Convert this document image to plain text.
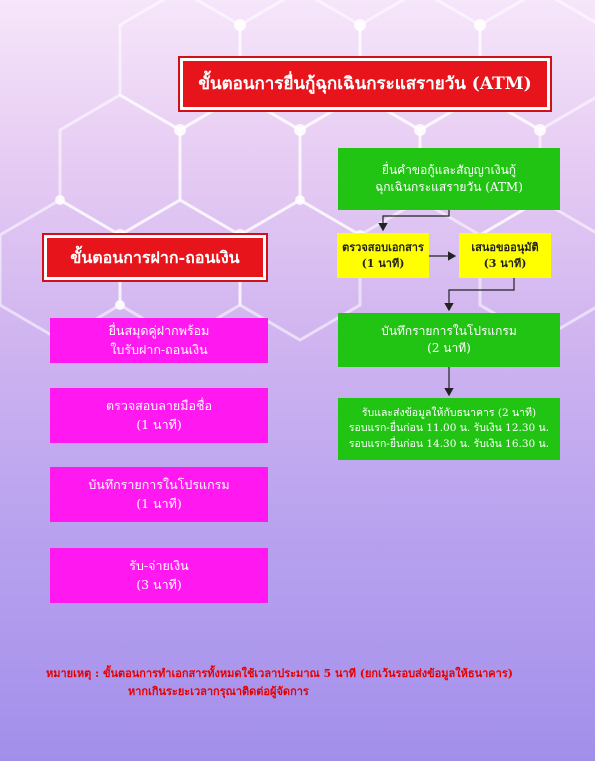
ขั้นตอนการยื่นกู้ฉุกเฉินกระแสรายวัน (ATM)
ยื่นคำขอกู้และสัญญาเงินกู้
ฉุกเฉินกระแสรายวัน (ATM)
ตรวจสอบเอกสาร
(1 นาที)
เสนอขออนุมัติ
(3 นาที)
บันทึกรายการในโปรแกรม
(2 นาที)
รับและส่งข้อมูลให้กับธนาคาร (2 นาที)
รอบแรก-ยื่นก่อน 11.00 น. รับเงิน 12.30 น.
รอบแรก-ยื่นก่อน 14.30 น. รับเงิน 16.30 น.
ขั้นตอนการฝาก-ถอนเงิน
ยื่นสมุดคู่ฝากพร้อม
ใบรับฝาก-ถอนเงิน
ตรวจสอบลายมือชื่อ
(1 นาที)
บันทึกรายการในโปรแกรม
(1 นาที)
รับ-จ่ายเงิน
(3 นาที)
หมายเหตุ : ขั้นตอนการทำเอกสารทั้งหมดใช้เวลาประมาณ 5 นาที (ยกเว้นรอบส่งข้อมูลให้ธนาคาร)
หากเกินระยะเวลากรุณาติดต่อผู้จัดการ
